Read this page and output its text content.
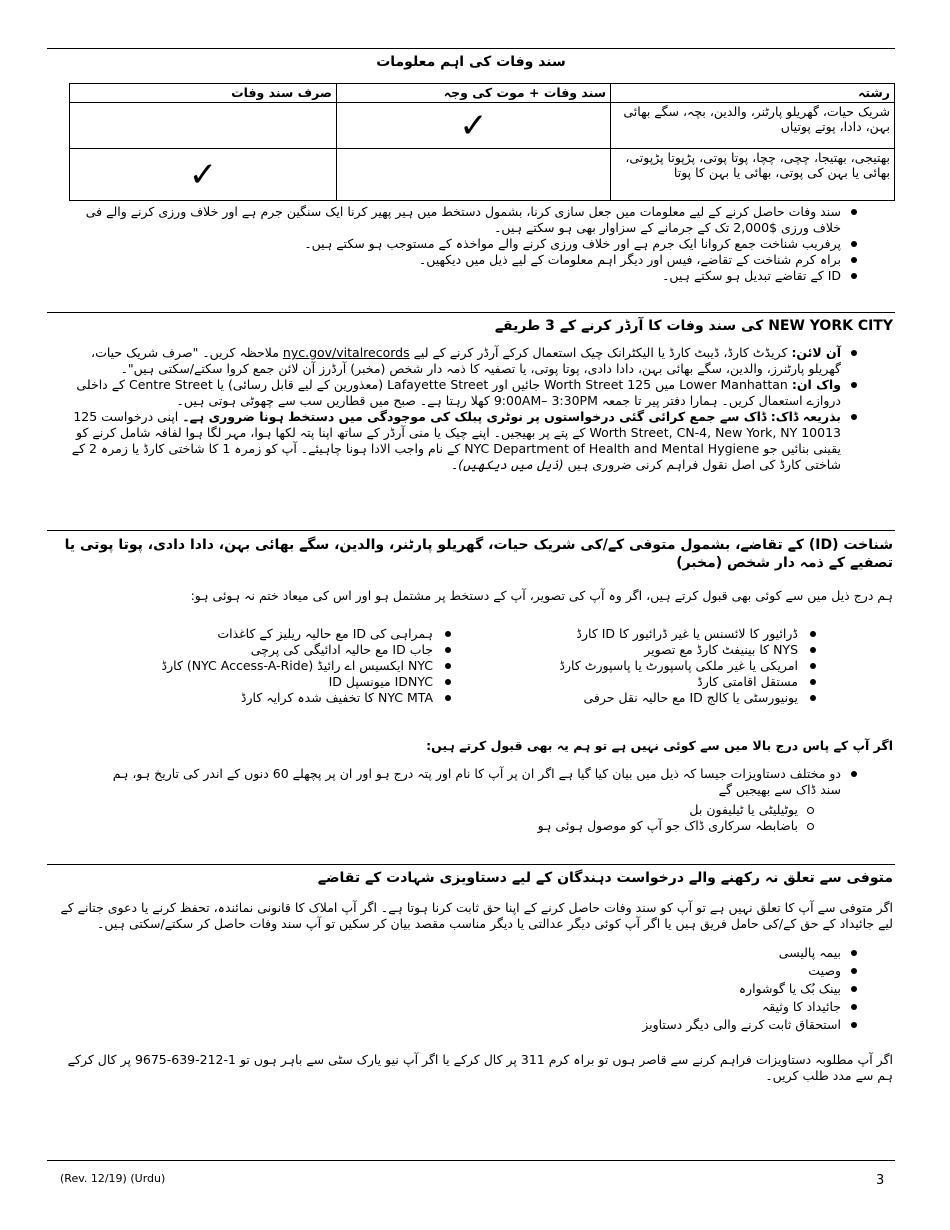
سند وفات کی اہم معلومات
رشتہ	سند وفات + موت کی وجہ	صرف سند وفات
شریک حیات، گھریلو پارٹنر، والدین، بچہ، سگے بھائی بہن، دادا، پوتے پوتیاں	✓	
بھتیجی، بھتیجا، چچی، چچا، پوتا پوتی، پڑپوتا پڑپوتی، بھائی یا بہن کی پوتی، بھائی یا بہن کا پوتا		✓
سند وفات حاصل کرنے کے لیے معلومات میں جعل سازی کرنا، بشمول دستخط میں ہیر پھیر کرنا ایک سنگین جرم ہے اور خلاف ورزی کرنے والے فی خلاف ورزی $2,000 تک کے جرمانے کے سزاوار بھی ہو سکتے ہیں۔
پرفریب شناخت جمع کروانا ایک جرم ہے اور خلاف ورزی کرنے والے مواخذہ کے مستوجب ہو سکتے ہیں۔
براہ کرم شناخت کے تقاضے، فیس اور دیگر اہم معلومات کے لیے ذیل میں دیکھیں۔
ID کے تقاضے تبدیل ہو سکتے ہیں۔
NEW YORK CITY کی سند وفات کا آرڈر کرنے کے 3 طریقے
آن لائن: کریڈٹ کارڈ، ڈیبٹ کارڈ یا الیکٹرانک چیک استعمال کرکے آرڈر کرنے کے لیے nyc.gov/vitalrecords ملاحظہ کریں۔ "صرف شریک حیات، گھریلو پارٹنرز، والدین، سگے بھائی بہن، دادا دادی، پوتا پوتی، یا تصفیہ کا ذمہ دار شخص (مخبر) آرڈرز آن لائن جمع کروا سکتے/سکتی ہیں"۔
واک ان: Lower Manhattan میں 125 Worth Street جائیں اور Lafayette Street (معذورین کے لیے قابل رسائی) یا Centre Street کے داخلی دروازے استعمال کریں۔ ہمارا دفتر پیر تا جمعہ 9:00AM– 3:30PM کھلا رہتا ہے۔ صبح میں قطاریں سب سے چھوٹی ہوتی ہیں۔
بذریعہ ڈاک: ڈاک سے جمع کرائی گئی درخواستوں پر نوٹری پبلک کی موجودگی میں دستخط ہونا ضروری ہے۔ اپنی درخواست 125 Worth Street, CN-4, New York, NY 10013 کے پتے پر بھیجیں۔ اپنے چیک یا منی آرڈر کے ساتھ اپنا پتہ لکھا ہوا، مہر لگا ہوا لفافہ شامل کرنے کو یقینی بنائیں جو NYC Department of Health and Mental Hygiene کے نام واجب الادا ہونا چاہیئے۔ آپ کو زمرہ 1 کا شاختی کارڈ یا زمرہ 2 کے شاختی کارڈ کی اصل نقول فراہم کرنی ضروری ہیں (ذیل میں دیکھیں)۔
شناخت (ID) کے تقاضے، بشمول متوفی کے/کی شریک حیات، گھریلو پارٹنر، والدین، سگے بھائی بہن، دادا دادی، پوتا پوتی یا تصفیے کے ذمہ دار شخص (مخبر)
ہم درج ذیل میں سے کوئی بھی قبول کرتے ہیں، اگر وہ آپ کی تصویر، آپ کے دستخط پر مشتمل ہو اور اس کی میعاد ختم نہ ہوئی ہو:
ڈرائیور کا لائسنس یا غیر ڈرائیور کا ID کارڈ
NYS کا بینیفٹ کارڈ مع تصویر
امریکی یا غیر ملکی پاسپورٹ یا پاسپورٹ کارڈ
مستقل اقامتی کارڈ
یونیورسٹی یا کالج ID مع حالیہ نقل حرفی
ہمراہی کی ID مع حالیہ ریلیز کے کاغذات
جاب ID مع حالیہ ادائیگی کی پرچی
NYC ایکسیس اے رائیڈ (NYC Access-A-Ride) کارڈ
IDNYC میونسپل ID
NYC MTA کا تخفیف شدہ کرایہ کارڈ
اگر آپ کے پاس درج بالا میں سے کوئی نہیں ہے تو ہم یہ بھی قبول کرتے ہیں:
دو مختلف دستاویزات جیسا کہ ذیل میں بیان کیا گیا ہے اگر ان پر آپ کا نام اور پتہ درج ہو اور ان پر پچھلے 60 دنوں کے اندر کی تاریخ ہو، ہم سند ڈاک سے بھیجیں گے
یوٹیلیٹی یا ٹیلیفون بل
باضابطہ سرکاری ڈاک جو آپ کو موصول ہوئی ہو
متوفی سے تعلق نہ رکھنے والے درخواست دہندگان کے لیے دستاویزی شہادت کے تقاضے
اگر متوفی سے آپ کا تعلق نہیں ہے تو آپ کو سند وفات حاصل کرنے کے اپنا حق ثابت کرنا ہوتا ہے۔ اگر آپ املاک کا قانونی نمائندہ، تحفظ کرنے یا دعوی جتانے کے لیے جائیداد کے حق کے/کی حامل فریق ہیں یا اگر آپ کوئی دیگر عدالتی یا دیگر مناسب مقصد بیان کر سکیں تو آپ سند وفات حاصل کر سکتے/سکتی ہیں۔
بیمہ پالیسی
وصیت
بینک بُک یا گوشوارہ
جائیداد کا وثیقہ
استحقاق ثابت کرنے والی دیگر دستاویز
اگر آپ مطلوبہ دستاویزات فراہم کرنے سے قاصر ہوں تو براہ کرم 311 پر کال کرکے یا اگر آپ نیو یارک سٹی سے باہر ہوں تو 1-212-639-9675 پر کال کرکے ہم سے مدد طلب کریں۔
(Rev. 12/19) (Urdu)	3
